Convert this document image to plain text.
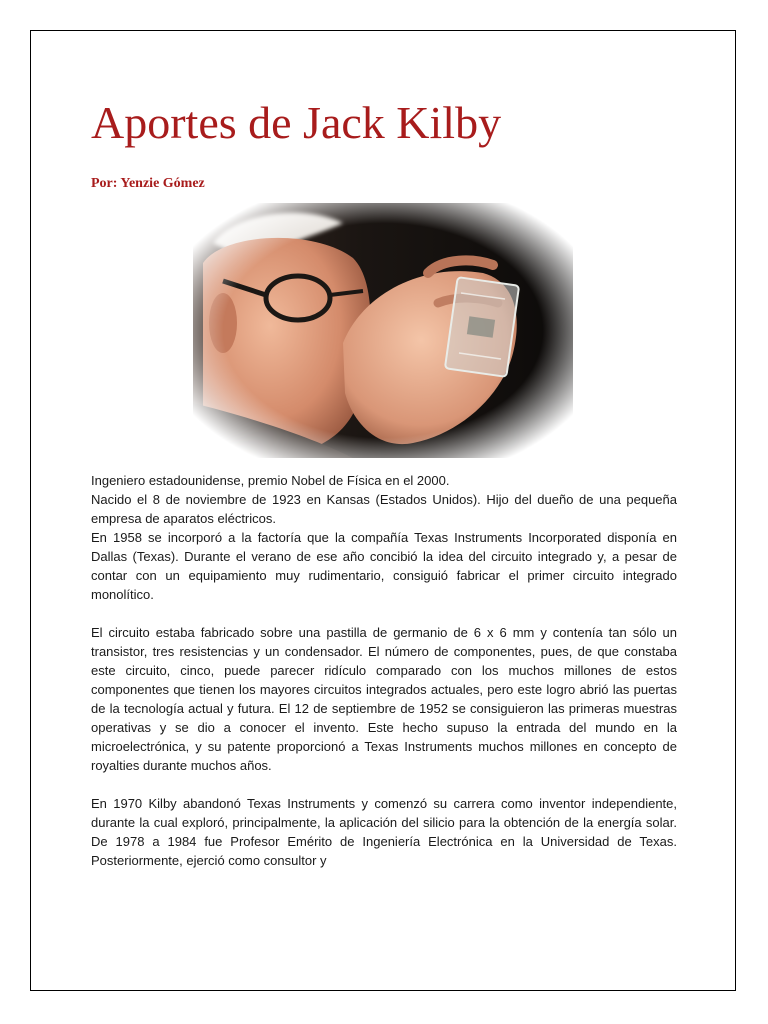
Aportes de Jack Kilby

Por: Yenzie Gómez

Ingeniero estadounidense, premio Nobel de Física en el 2000.

Nacido el 8 de noviembre de 1923 en Kansas (Estados Unidos). Hijo del dueño de una pequeña empresa de aparatos eléctricos.

En 1958 se incorporó a la factoría que la compañía Texas Instruments Incorporated disponía en Dallas (Texas). Durante el verano de ese año concibió la idea del circuito integrado y, a pesar de contar con un equipamiento muy rudimentario, consiguió fabricar el primer circuito integrado monolítico.

El circuito estaba fabricado sobre una pastilla de germanio de 6 x 6 mm y contenía tan sólo un transistor, tres resistencias y un condensador. El número de componentes, pues, de que constaba este circuito, cinco, puede parecer ridículo comparado con los muchos millones de estos componentes que tienen los mayores circuitos integrados actuales, pero este logro abrió las puertas de la tecnología actual y futura. El 12 de septiembre de 1952 se consiguieron las primeras muestras operativas y se dio a conocer el invento. Este hecho supuso la entrada del mundo en la microelectrónica, y su patente proporcionó a Texas Instruments muchos millones en concepto de royalties durante muchos años.

En 1970 Kilby abandonó Texas Instruments y comenzó su carrera como inventor independiente, durante la cual exploró, principalmente, la aplicación del silicio para la obtención de la energía solar. De 1978 a 1984 fue Profesor Emérito de Ingeniería Electrónica en la Universidad de Texas. Posteriormente, ejerció como consultor y
